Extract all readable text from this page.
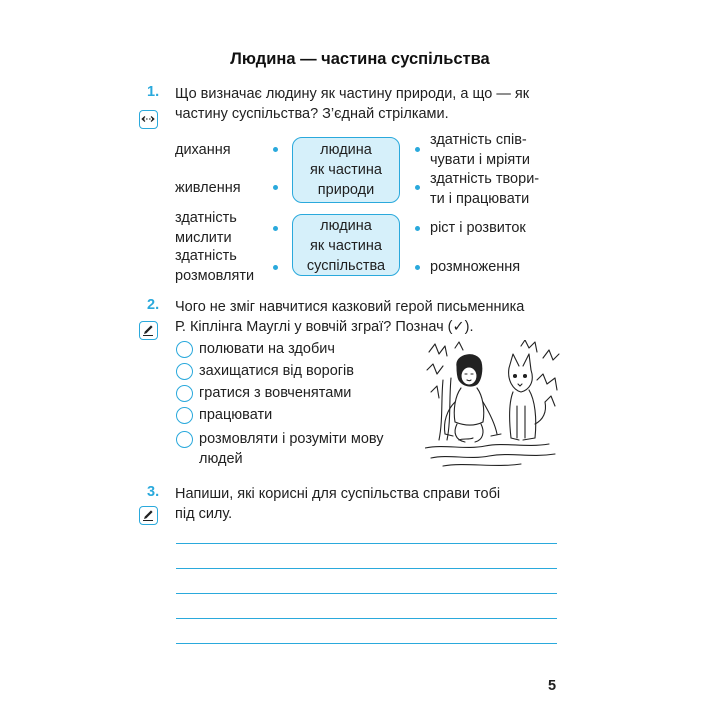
Людина — частина суспільства
1. Що визначає людину як частину природи, а що — як
частину суспільства? З’єднай стрілками.
дихання
живлення
здатність
мислити
здатність
розмовляти
людина
як частина
природи
людина
як частина
суспільства
здатність спів-
чувати і мріяти
здатність твори-
ти і працювати
ріст і розвиток
розмноження
2. Чого не зміг навчитися казковий герой письменника
Р. Кіплінга Мауглі у вовчій зграї? Познач (✓).
полювати на здобич
захищатися від ворогів
гратися з вовченятами
працювати
розмовляти і розуміти мову
людей
3. Напиши, які корисні для суспільства справи тобі
під силу.
5
